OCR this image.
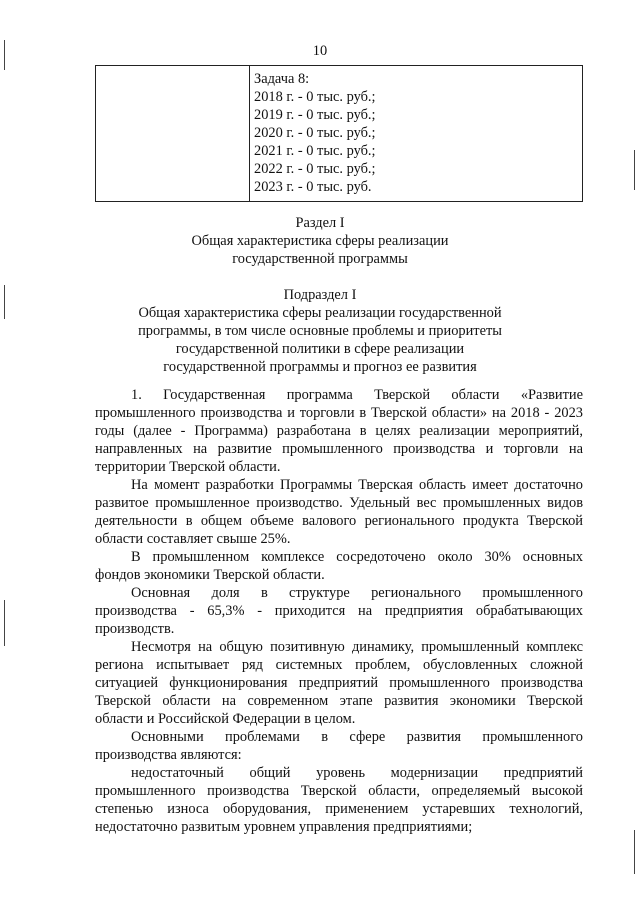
10

Задача 8:
2018 г. - 0 тыс. руб.;
2019 г. - 0 тыс. руб.;
2020 г. - 0 тыс. руб.;
2021 г. - 0 тыс. руб.;
2022 г. - 0 тыс. руб.;
2023 г. - 0 тыс. руб.
Раздел I
Общая характеристика сферы реализации
государственной программы
Подраздел I
Общая характеристика сферы реализации государственной
программы, в том числе основные проблемы и приоритеты
государственной политики в сфере реализации
государственной программы и прогноз ее развития

1. Государственная программа Тверской области «Развитие
промышленного производства и торговли в Тверской области» на 2018 - 2023
годы (далее - Программа) разработана в целях реализации мероприятий,
направленных на развитие промышленного производства и торговли на
территории Тверской области.

На момент разработки Программы Тверская область имеет достаточно
развитое промышленное производство. Удельный вес промышленных видов
деятельности в общем объеме валового регионального продукта Тверской
области составляет свыше 25%.

В промышленном комплексе сосредоточено около 30% основных
фондов экономики Тверской области.

Основная доля в структуре регионального промышленного
производства - 65,3% - приходится на предприятия обрабатывающих
производств.

Несмотря на общую позитивную динамику, промышленный комплекс
региона испытывает ряд системных проблем, обусловленных сложной
ситуацией функционирования предприятий промышленного производства
Тверской области на современном этапе развития экономики Тверской
области и Российской Федерации в целом.

Основными проблемами в сфере развития промышленного
производства являются:

недостаточный общий уровень модернизации предприятий
промышленного производства Тверской области, определяемый высокой
степенью износа оборудования, применением устаревших технологий,
недостаточно развитым уровнем управления предприятиями;
